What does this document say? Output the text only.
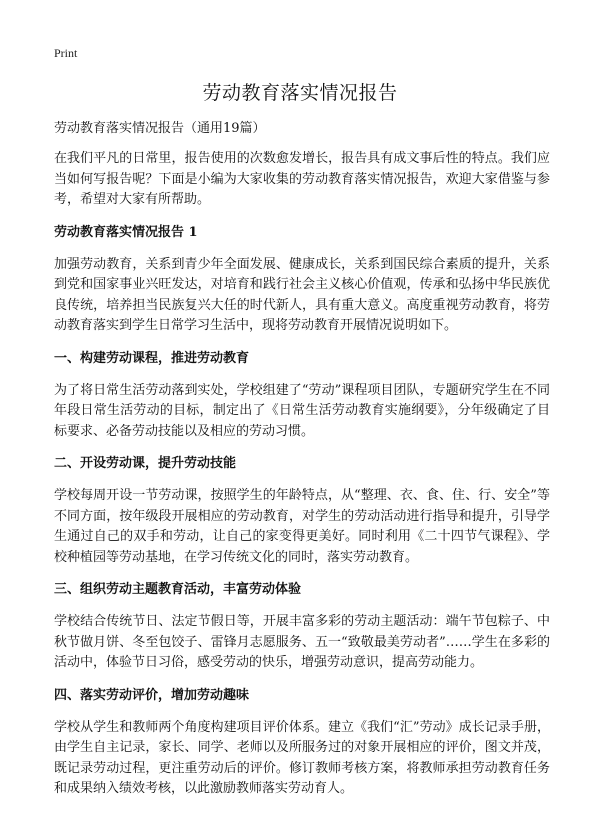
Print
劳动教育落实情况报告
劳动教育落实情况报告（通用19篇）

在我们平凡的日常里，报告使用的次数愈发增长，报告具有成文事后性的特点。我们应当如何写报告呢？下面是小编为大家收集的劳动教育落实情况报告，欢迎大家借鉴与参考，希望对大家有所帮助。

劳动教育落实情况报告 1

加强劳动教育，关系到青少年全面发展、健康成长，关系到国民综合素质的提升，关系到党和国家事业兴旺发达，对培育和践行社会主义核心价值观，传承和弘扬中华民族优良传统，培养担当民族复兴大任的时代新人，具有重大意义。高度重视劳动教育，将劳动教育落实到学生日常学习生活中，现将劳动教育开展情况说明如下。

一、构建劳动课程，推进劳动教育

为了将日常生活劳动落到实处，学校组建了“劳动”课程项目团队，专题研究学生在不同年段日常生活劳动的目标，制定出了《日常生活劳动教育实施纲要》，分年级确定了目标要求、必备劳动技能以及相应的劳动习惯。

二、开设劳动课，提升劳动技能

学校每周开设一节劳动课，按照学生的年龄特点，从“整理、衣、食、住、行、安全”等不同方面，按年级段开展相应的劳动教育，对学生的劳动活动进行指导和提升，引导学生通过自己的双手和劳动，让自己的家变得更美好。同时利用《二十四节气课程》、学校种植园等劳动基地，在学习传统文化的同时，落实劳动教育。

三、组织劳动主题教育活动，丰富劳动体验

学校结合传统节日、法定节假日等，开展丰富多彩的劳动主题活动：端午节包粽子、中秋节做月饼、冬至包饺子、雷锋月志愿服务、五一“致敬最美劳动者”……学生在多彩的活动中，体验节日习俗，感受劳动的快乐，增强劳动意识，提高劳动能力。

四、落实劳动评价，增加劳动趣味

学校从学生和教师两个角度构建项目评价体系。建立《我们“汇”劳动》成长记录手册，由学生自主记录，家长、同学、老师以及所服务过的对象开展相应的评价，图文并茂，既记录劳动过程，更注重劳动后的评价。修订教师考核方案，将教师承担劳动教育任务和成果纳入绩效考核，以此激励教师落实劳动育人。
